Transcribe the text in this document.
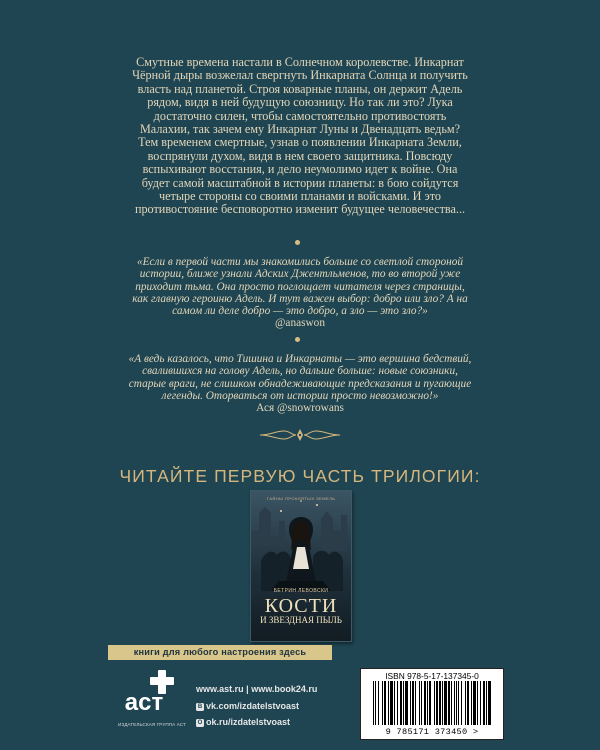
Смутные времена настали в Солнечном королевстве. Инкарнат Чёрной дыры возжелал свергнуть Инкарната Солнца и получить власть над планетой. Строя коварные планы, он держит Адель рядом, видя в ней будущую союзницу. Но так ли это? Лука достаточно силен, чтобы самостоятельно противостоять Малахии, так зачем ему Инкарнат Луны и Двенадцать ведьм?

Тем временем смертные, узнав о появлении Инкарната Земли, воспрянули духом, видя в нем своего защитника. Повсюду вспыхивают восстания, и дело неумолимо идет к войне. Она будет самой масштабной в истории планеты: в бою сойдутся четыре стороны со своими планами и войсками. И это противостояние бесповоротно изменит будущее человечества...

«Если в первой части мы знакомились больше со светлой стороной истории, ближе узнали Адских Джентльменов, то во второй уже приходит тьма. Она просто поглощает читателя через страницы, как главную героиню Адель. И тут важен выбор: добро или зло? А на самом ли деле добро — это добро, а зло — это зло?»
@anaswon
«А ведь казалось, что Тишина и Инкарнаты — это вершина бедствий, свалившихся на голову Адель, но дальше больше: новые союзники, старые враги, не слишком обнадеживающие предсказания и пугающие легенды. Оторваться от истории просто невозможно!»
Ася @snowrowans
ЧИТАЙТЕ ПЕРВУЮ ЧАСТЬ ТРИЛОГИИ:
ТАЙНЫ ПРОКЛЯТЫХ ЗЕМЕЛЬ
БЕТРИН ЛЕВОВСКИ
КОСТИ
И ЗВЕЗДНАЯ ПЫЛЬ
книги для любого настроения здесь
аст
ИЗДАТЕЛЬСКАЯ ГРУППА АСТ
www.ast.ru | www.book24.ru
В vk.com/izdatelstvoast
О ok.ru/izdatelstvoast
ISBN 978-5-17-137345-0
9 785171 373450 >
